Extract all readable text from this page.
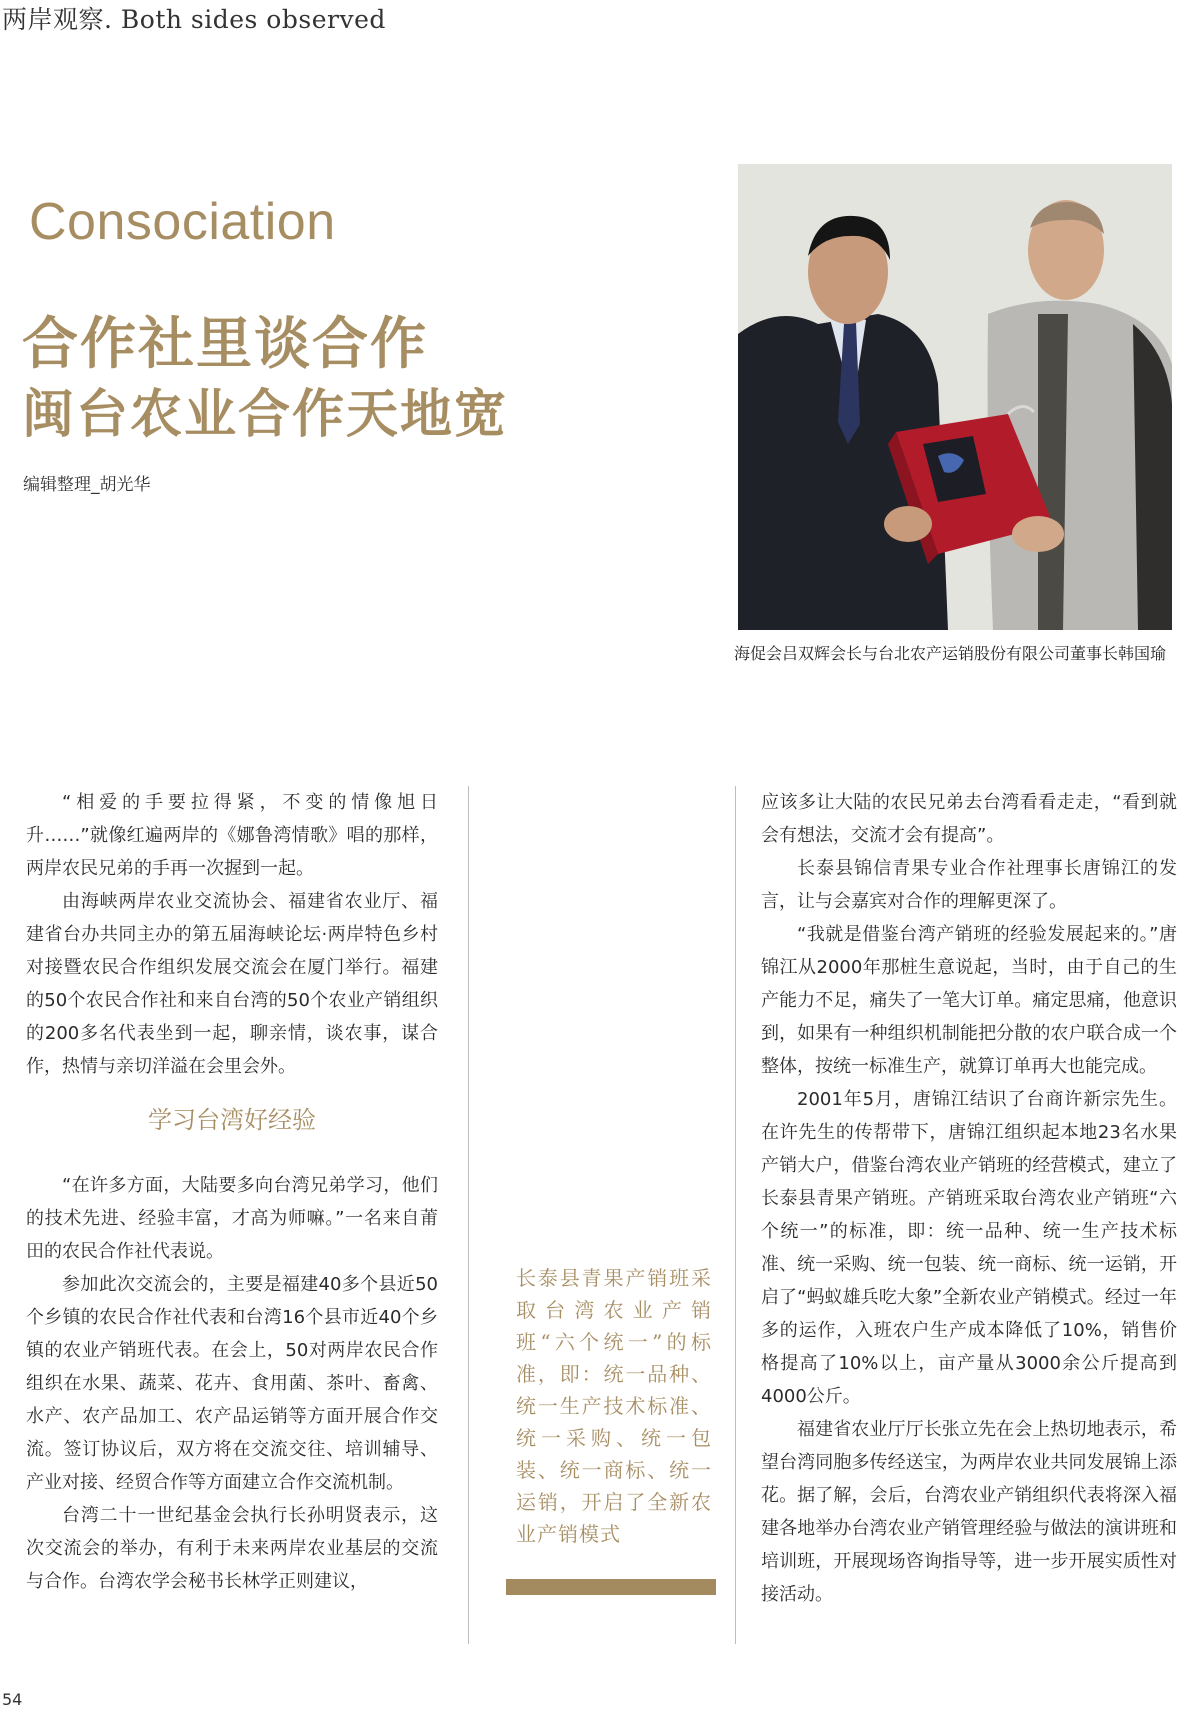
两岸观察. Both sides observed
Consociation
合作社里谈合作
闽台农业合作天地宽
编辑整理_胡光华
海促会吕双辉会长与台北农产运销股份有限公司董事长韩国瑜

“相爱的手要拉得紧，不变的情像旭日升……”就像红遍两岸的《娜鲁湾情歌》唱的那样，两岸农民兄弟的手再一次握到一起。

由海峡两岸农业交流协会、福建省农业厅、福建省台办共同主办的第五届海峡论坛·两岸特色乡村对接暨农民合作组织发展交流会在厦门举行。福建的50个农民合作社和来自台湾的50个农业产销组织的200多名代表坐到一起，聊亲情，谈农事，谋合作，热情与亲切洋溢在会里会外。

学习台湾好经验

“在许多方面，大陆要多向台湾兄弟学习，他们的技术先进、经验丰富，才高为师嘛。”一名来自莆田的农民合作社代表说。

参加此次交流会的，主要是福建40多个县近50个乡镇的农民合作社代表和台湾16个县市近40个乡镇的农业产销班代表。在会上，50对两岸农民合作组织在水果、蔬菜、花卉、食用菌、茶叶、畜禽、水产、农产品加工、农产品运销等方面开展合作交流。签订协议后，双方将在交流交往、培训辅导、产业对接、经贸合作等方面建立合作交流机制。

台湾二十一世纪基金会执行长孙明贤表示，这次交流会的举办，有利于未来两岸农业基层的交流与合作。台湾农学会秘书长林学正则建议，

长泰县青果产销班采取台湾农业产销班“六个统一”的标准，即：统一品种、统一生产技术标准、统一采购、统一包装、统一商标、统一运销，开启了全新农业产销模式

应该多让大陆的农民兄弟去台湾看看走走，“看到就会有想法，交流才会有提高”。

长泰县锦信青果专业合作社理事长唐锦江的发言，让与会嘉宾对合作的理解更深了。

“我就是借鉴台湾产销班的经验发展起来的。”唐锦江从2000年那桩生意说起，当时，由于自己的生产能力不足，痛失了一笔大订单。痛定思痛，他意识到，如果有一种组织机制能把分散的农户联合成一个整体，按统一标准生产，就算订单再大也能完成。

2001年5月，唐锦江结识了台商许新宗先生。在许先生的传帮带下，唐锦江组织起本地23名水果产销大户，借鉴台湾农业产销班的经营模式，建立了长泰县青果产销班。产销班采取台湾农业产销班“六个统一”的标准，即：统一品种、统一生产技术标准、统一采购、统一包装、统一商标、统一运销，开启了“蚂蚁雄兵吃大象”全新农业产销模式。经过一年多的运作，入班农户生产成本降低了10%，销售价格提高了10%以上，亩产量从3000余公斤提高到4000公斤。

福建省农业厅厅长张立先在会上热切地表示，希望台湾同胞多传经送宝，为两岸农业共同发展锦上添花。据了解，会后，台湾农业产销组织代表将深入福建各地举办台湾农业产销管理经验与做法的演讲班和培训班，开展现场咨询指导等，进一步开展实质性对接活动。

54
